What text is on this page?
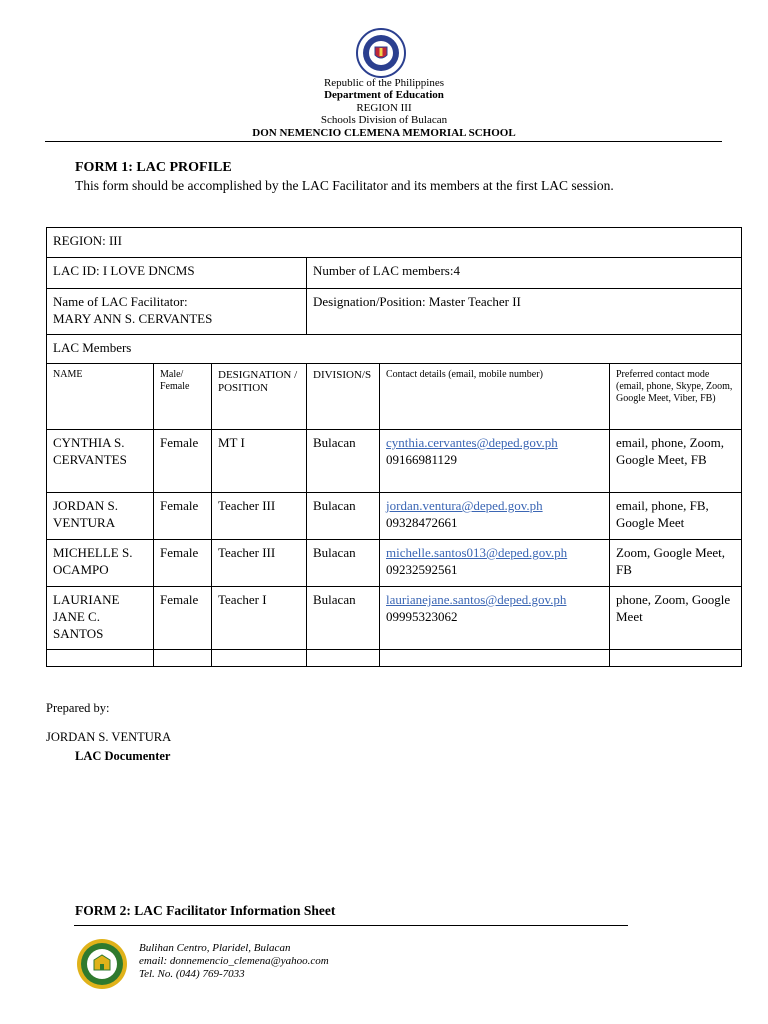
Republic of the Philippines
Department of Education
REGION III
Schools Division of Bulacan
DON NEMENCIO CLEMENA MEMORIAL SCHOOL
FORM 1: LAC PROFILE
This form should be accomplished by the LAC Facilitator and its members at the first LAC session.
REGION: III					
LAC ID: I LOVE DNCMS			Number of LAC members:4		

Name of LAC Facilitator:
MARY ANN S. CERVANTES			Designation/Position: Master Teacher II		
LAC Members					
NAME	Male/ Female	DESIGNATION / POSITION	DIVISION/S	Contact details (email, mobile number)	Preferred contact mode (email, phone, Skype, Zoom, Google Meet, Viber, FB)
CYNTHIA S. CERVANTES	Female	MT I	Bulacan	cynthia.cervantes@deped.gov.ph
09166981129	email, phone, Zoom, Google Meet, FB
JORDAN S. VENTURA	Female	Teacher III	Bulacan	jordan.ventura@deped.gov.ph
09328472661	email, phone, FB, Google Meet
MICHELLE S. OCAMPO	Female	Teacher III	Bulacan	michelle.santos013@deped.gov.ph
09232592561	Zoom, Google Meet, FB
LAURIANE JANE C. SANTOS	Female	Teacher I	Bulacan	laurianejane.santos@deped.gov.ph
09995323062	phone, Zoom, Google Meet

Prepared by:
JORDAN S. VENTURA
LAC Documenter
FORM 2: LAC Facilitator Information Sheet
Bulihan Centro, Plaridel, Bulacan
email: donnemencio_clemena@yahoo.com
Tel. No. (044) 769-7033
